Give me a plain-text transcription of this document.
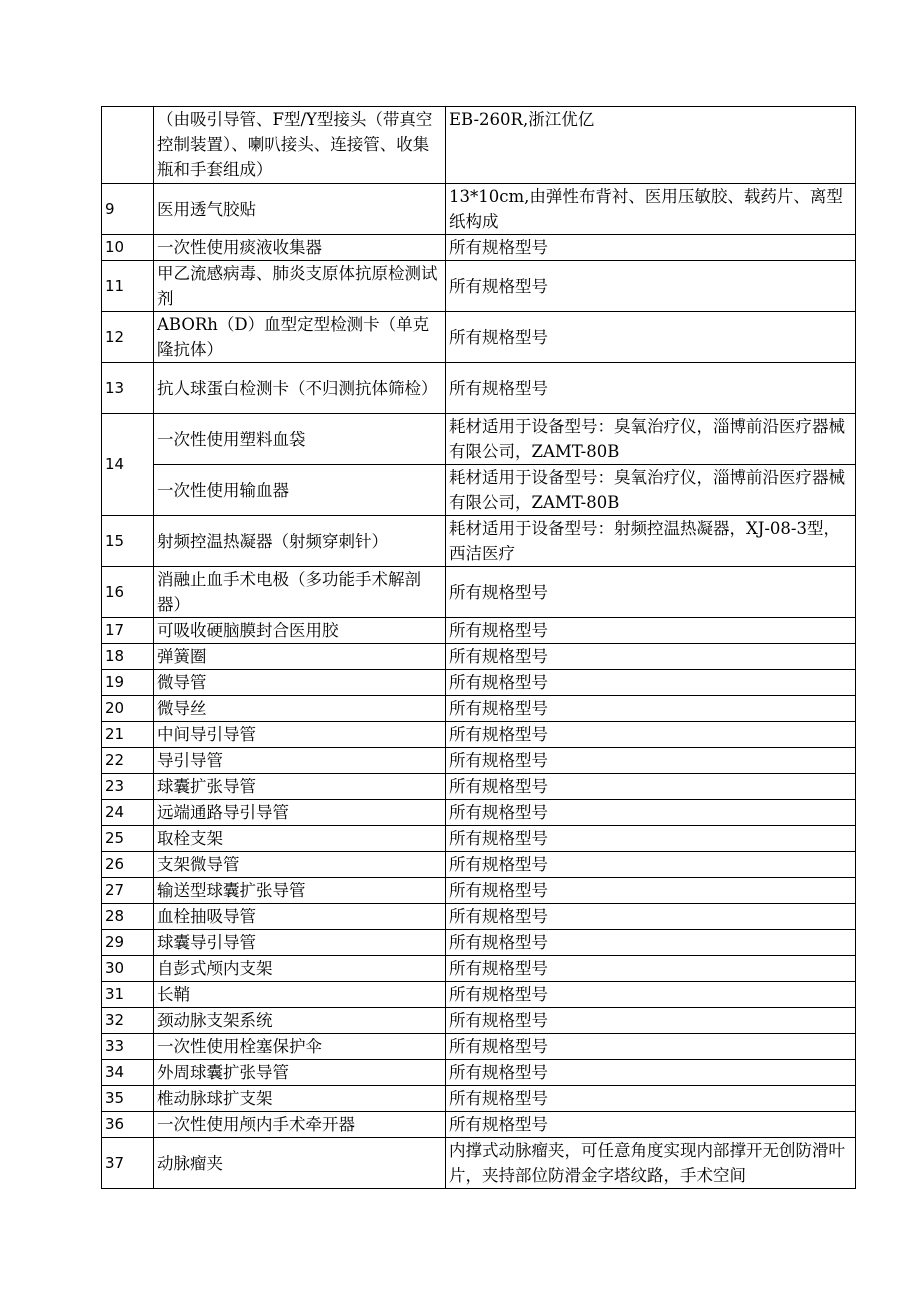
	（由吸引导管、F型/Y型接头（带真空控制装置）、喇叭接头、连接管、收集瓶和手套组成）	EB-260R,浙江优亿
9	医用透气胶贴	13*10cm,由弹性布背衬、医用压敏胶、载药片、离型纸构成
10	一次性使用痰液收集器	所有规格型号
11	甲乙流感病毒、肺炎支原体抗原检测试剂	所有规格型号
12	ABORh（D）血型定型检测卡（单克隆抗体）	所有规格型号
13	抗人球蛋白检测卡（不归测抗体筛检）	所有规格型号
14	一次性使用塑料血袋	耗材适用于设备型号：臭氧治疗仪，淄博前沿医疗器械有限公司，ZAMT-80B
	一次性使用输血器	耗材适用于设备型号：臭氧治疗仪，淄博前沿医疗器械有限公司，ZAMT-80B
15	射频控温热凝器（射频穿刺针）	耗材适用于设备型号：射频控温热凝器，XJ-08-3型，西洁医疗
16	消融止血手术电极（多功能手术解剖器）	所有规格型号
17	可吸收硬脑膜封合医用胶	所有规格型号
18	弹簧圈	所有规格型号
19	微导管	所有规格型号
20	微导丝	所有规格型号
21	中间导引导管	所有规格型号
22	导引导管	所有规格型号
23	球囊扩张导管	所有规格型号
24	远端通路导引导管	所有规格型号
25	取栓支架	所有规格型号
26	支架微导管	所有规格型号
27	输送型球囊扩张导管	所有规格型号
28	血栓抽吸导管	所有规格型号
29	球囊导引导管	所有规格型号
30	自彭式颅内支架	所有规格型号
31	长鞘	所有规格型号
32	颈动脉支架系统	所有规格型号
33	一次性使用栓塞保护伞	所有规格型号
34	外周球囊扩张导管	所有规格型号
35	椎动脉球扩支架	所有规格型号
36	一次性使用颅内手术牵开器	所有规格型号
37	动脉瘤夹	内撑式动脉瘤夹，可任意角度实现内部撑开无创防滑叶片，夹持部位防滑金字塔纹路，手术空间
